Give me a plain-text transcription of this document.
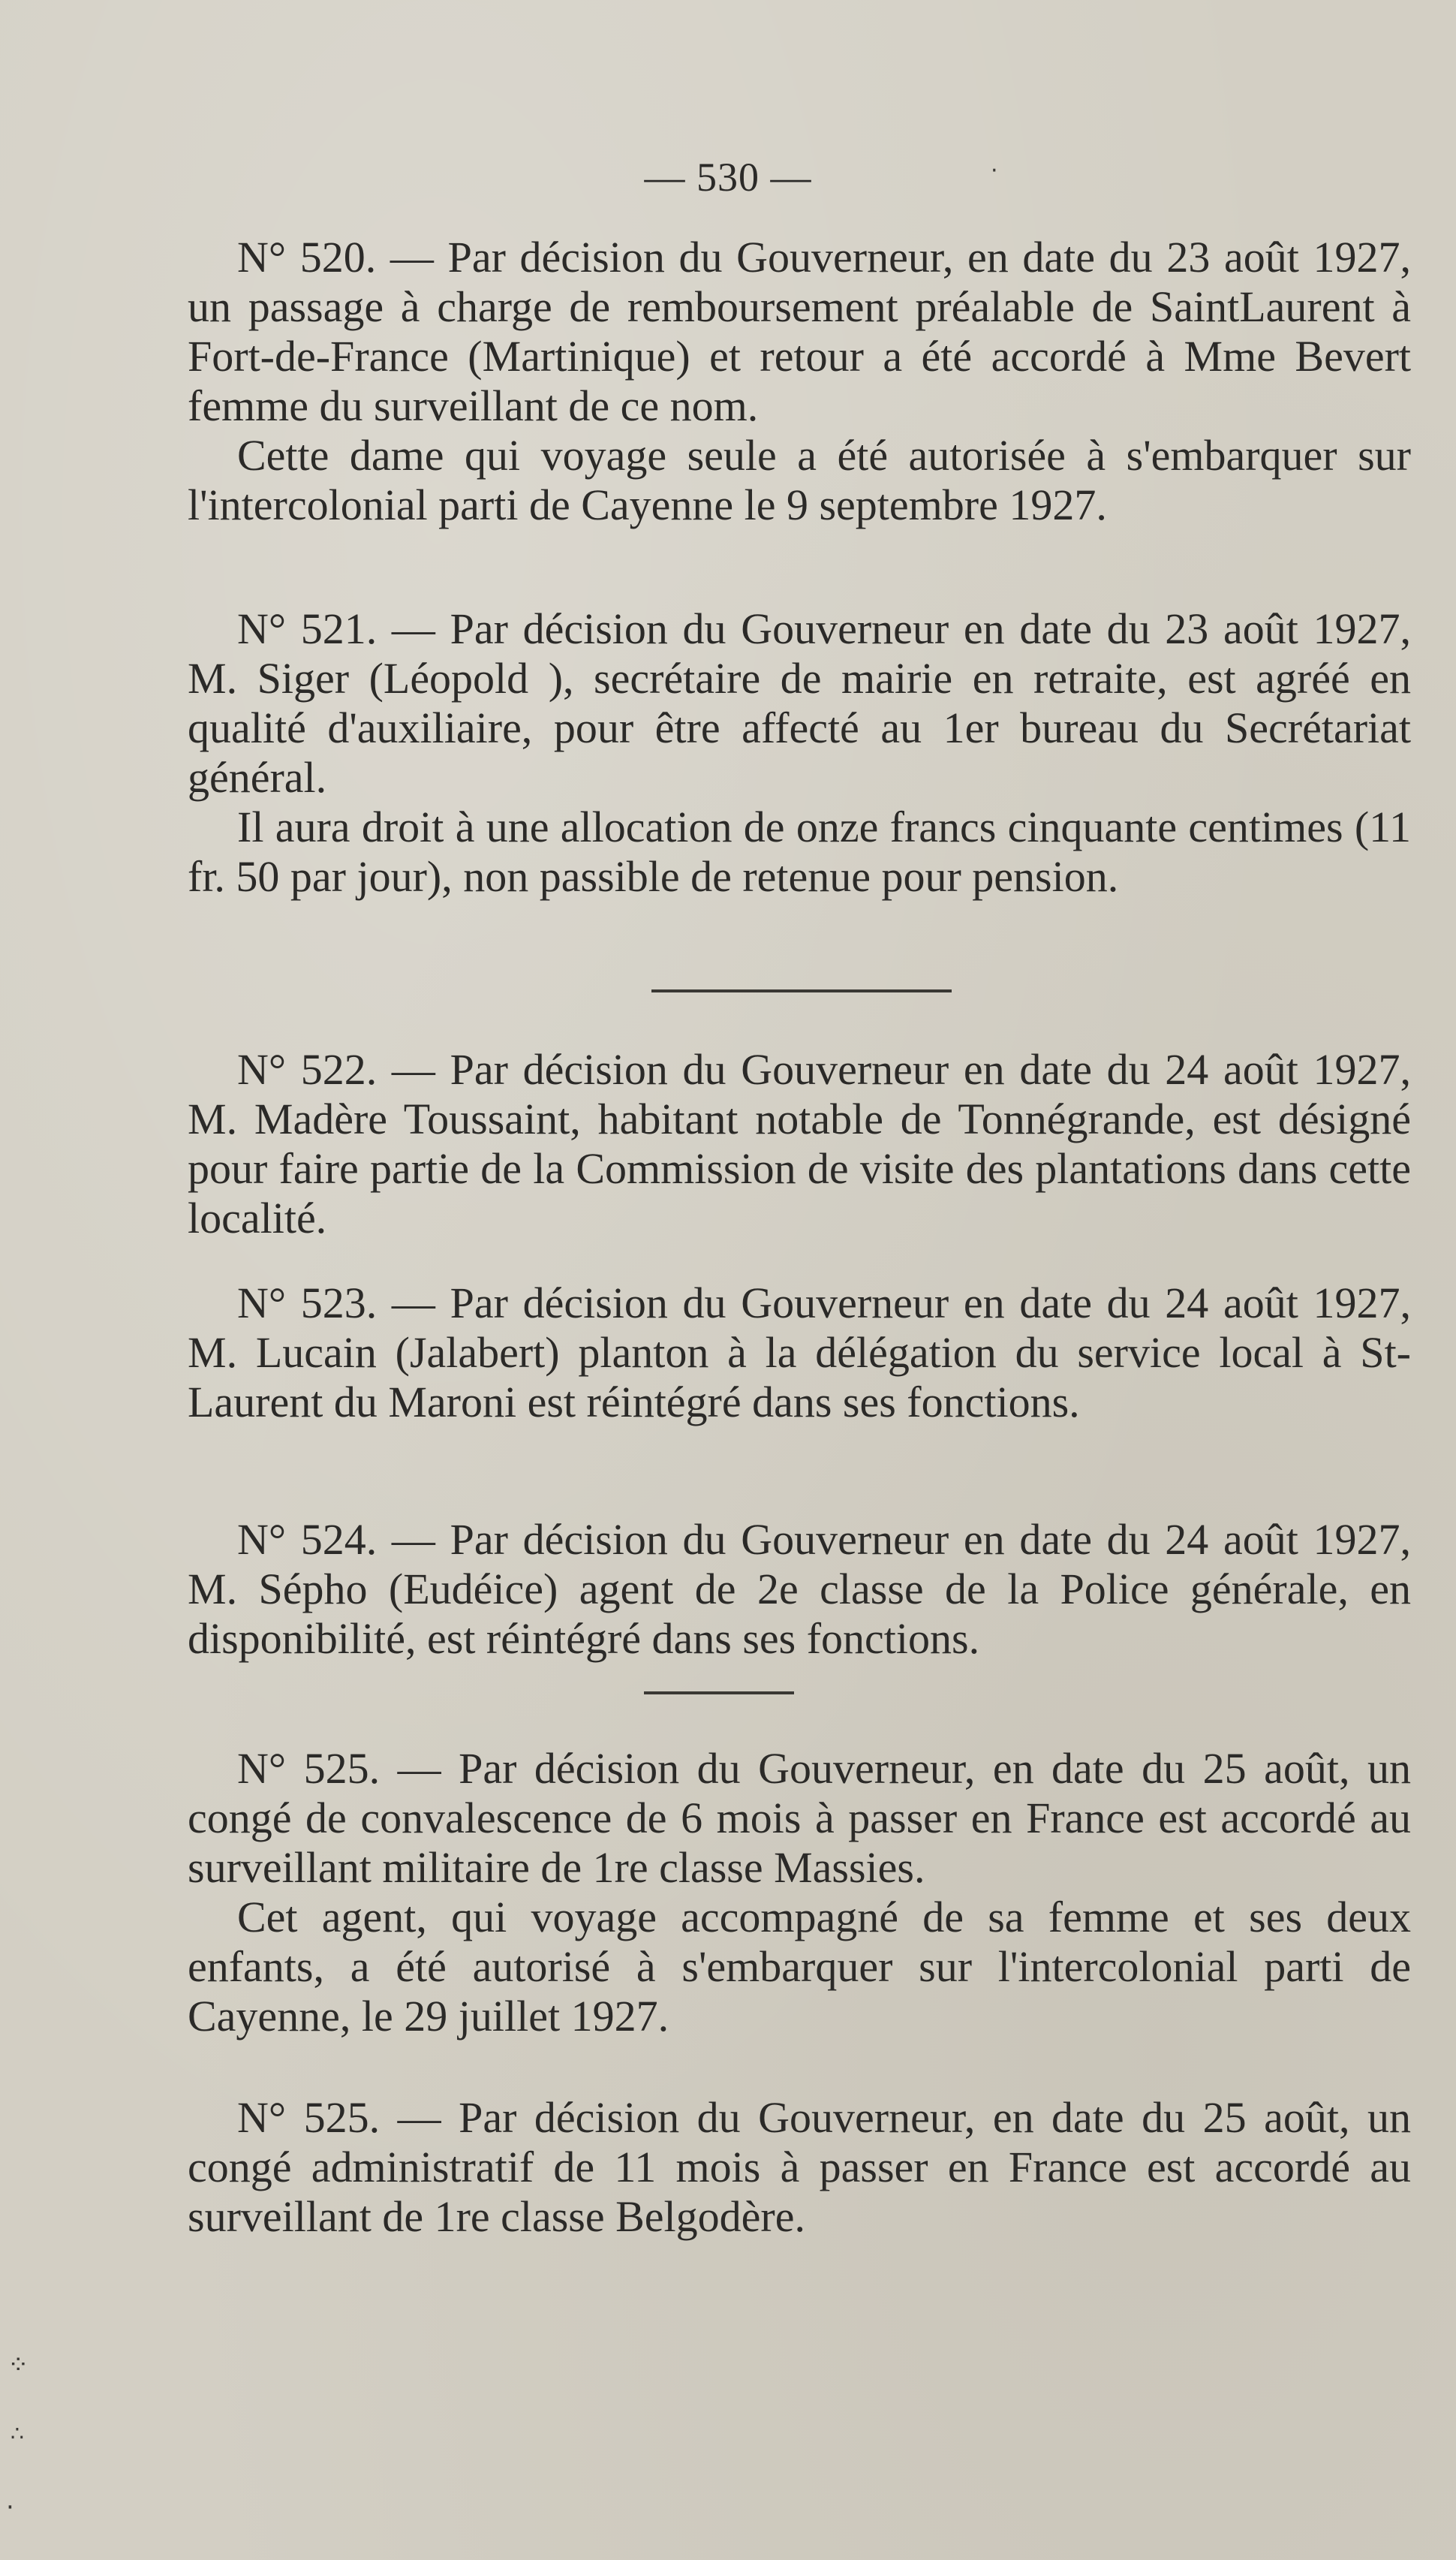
— 530 —

N° 520. — Par décision du Gouverneur, en date du 23 août 1927, un passage à charge de remboursement préalable de SaintLaurent à Fort-de-France (Martinique) et retour a été accordé à Mme Bevert femme du surveillant de ce nom.

Cette dame qui voyage seule a été autorisée à s'embarquer sur l'intercolonial parti de Cayenne le 9 septembre 1927.

N° 521. — Par décision du Gouverneur en date du 23 août 1927, M. Siger (Léopold ), secrétaire de mairie en retraite, est agréé en qualité d'auxiliaire, pour être affecté au 1er bureau du Secrétariat général.

Il aura droit à une allocation de onze francs cinquante centimes (11 fr. 50 par jour), non passible de retenue pour pension.

N° 522. — Par décision du Gouverneur en date du 24 août 1927, M. Madère Toussaint, habitant notable de Tonnégrande, est désigné pour faire partie de la Commission de visite des plantations dans cette localité.

N° 523. — Par décision du Gouverneur en date du 24 août 1927, M. Lucain (Jalabert) planton à la délégation du service local à St-Laurent du Maroni est réintégré dans ses fonctions.

N° 524. — Par décision du Gouverneur en date du 24 août 1927, M. Sépho (Eudéice) agent de 2e classe de la Police générale, en disponibilité, est réintégré dans ses fonctions.

N° 525. — Par décision du Gouverneur, en date du 25 août, un congé de convalescence de 6 mois à passer en France est accordé au surveillant militaire de 1re classe Massies.

Cet agent, qui voyage accompagné de sa femme et ses deux enfants, a été autorisé à s'embarquer sur l'intercolonial parti de Cayenne, le 29 juillet 1927.

N° 525. — Par décision du Gouverneur, en date du 25 août, un congé administratif de 11 mois à passer en France est accordé au surveillant de 1re classe Belgodère.

⁘
∴
·
·
